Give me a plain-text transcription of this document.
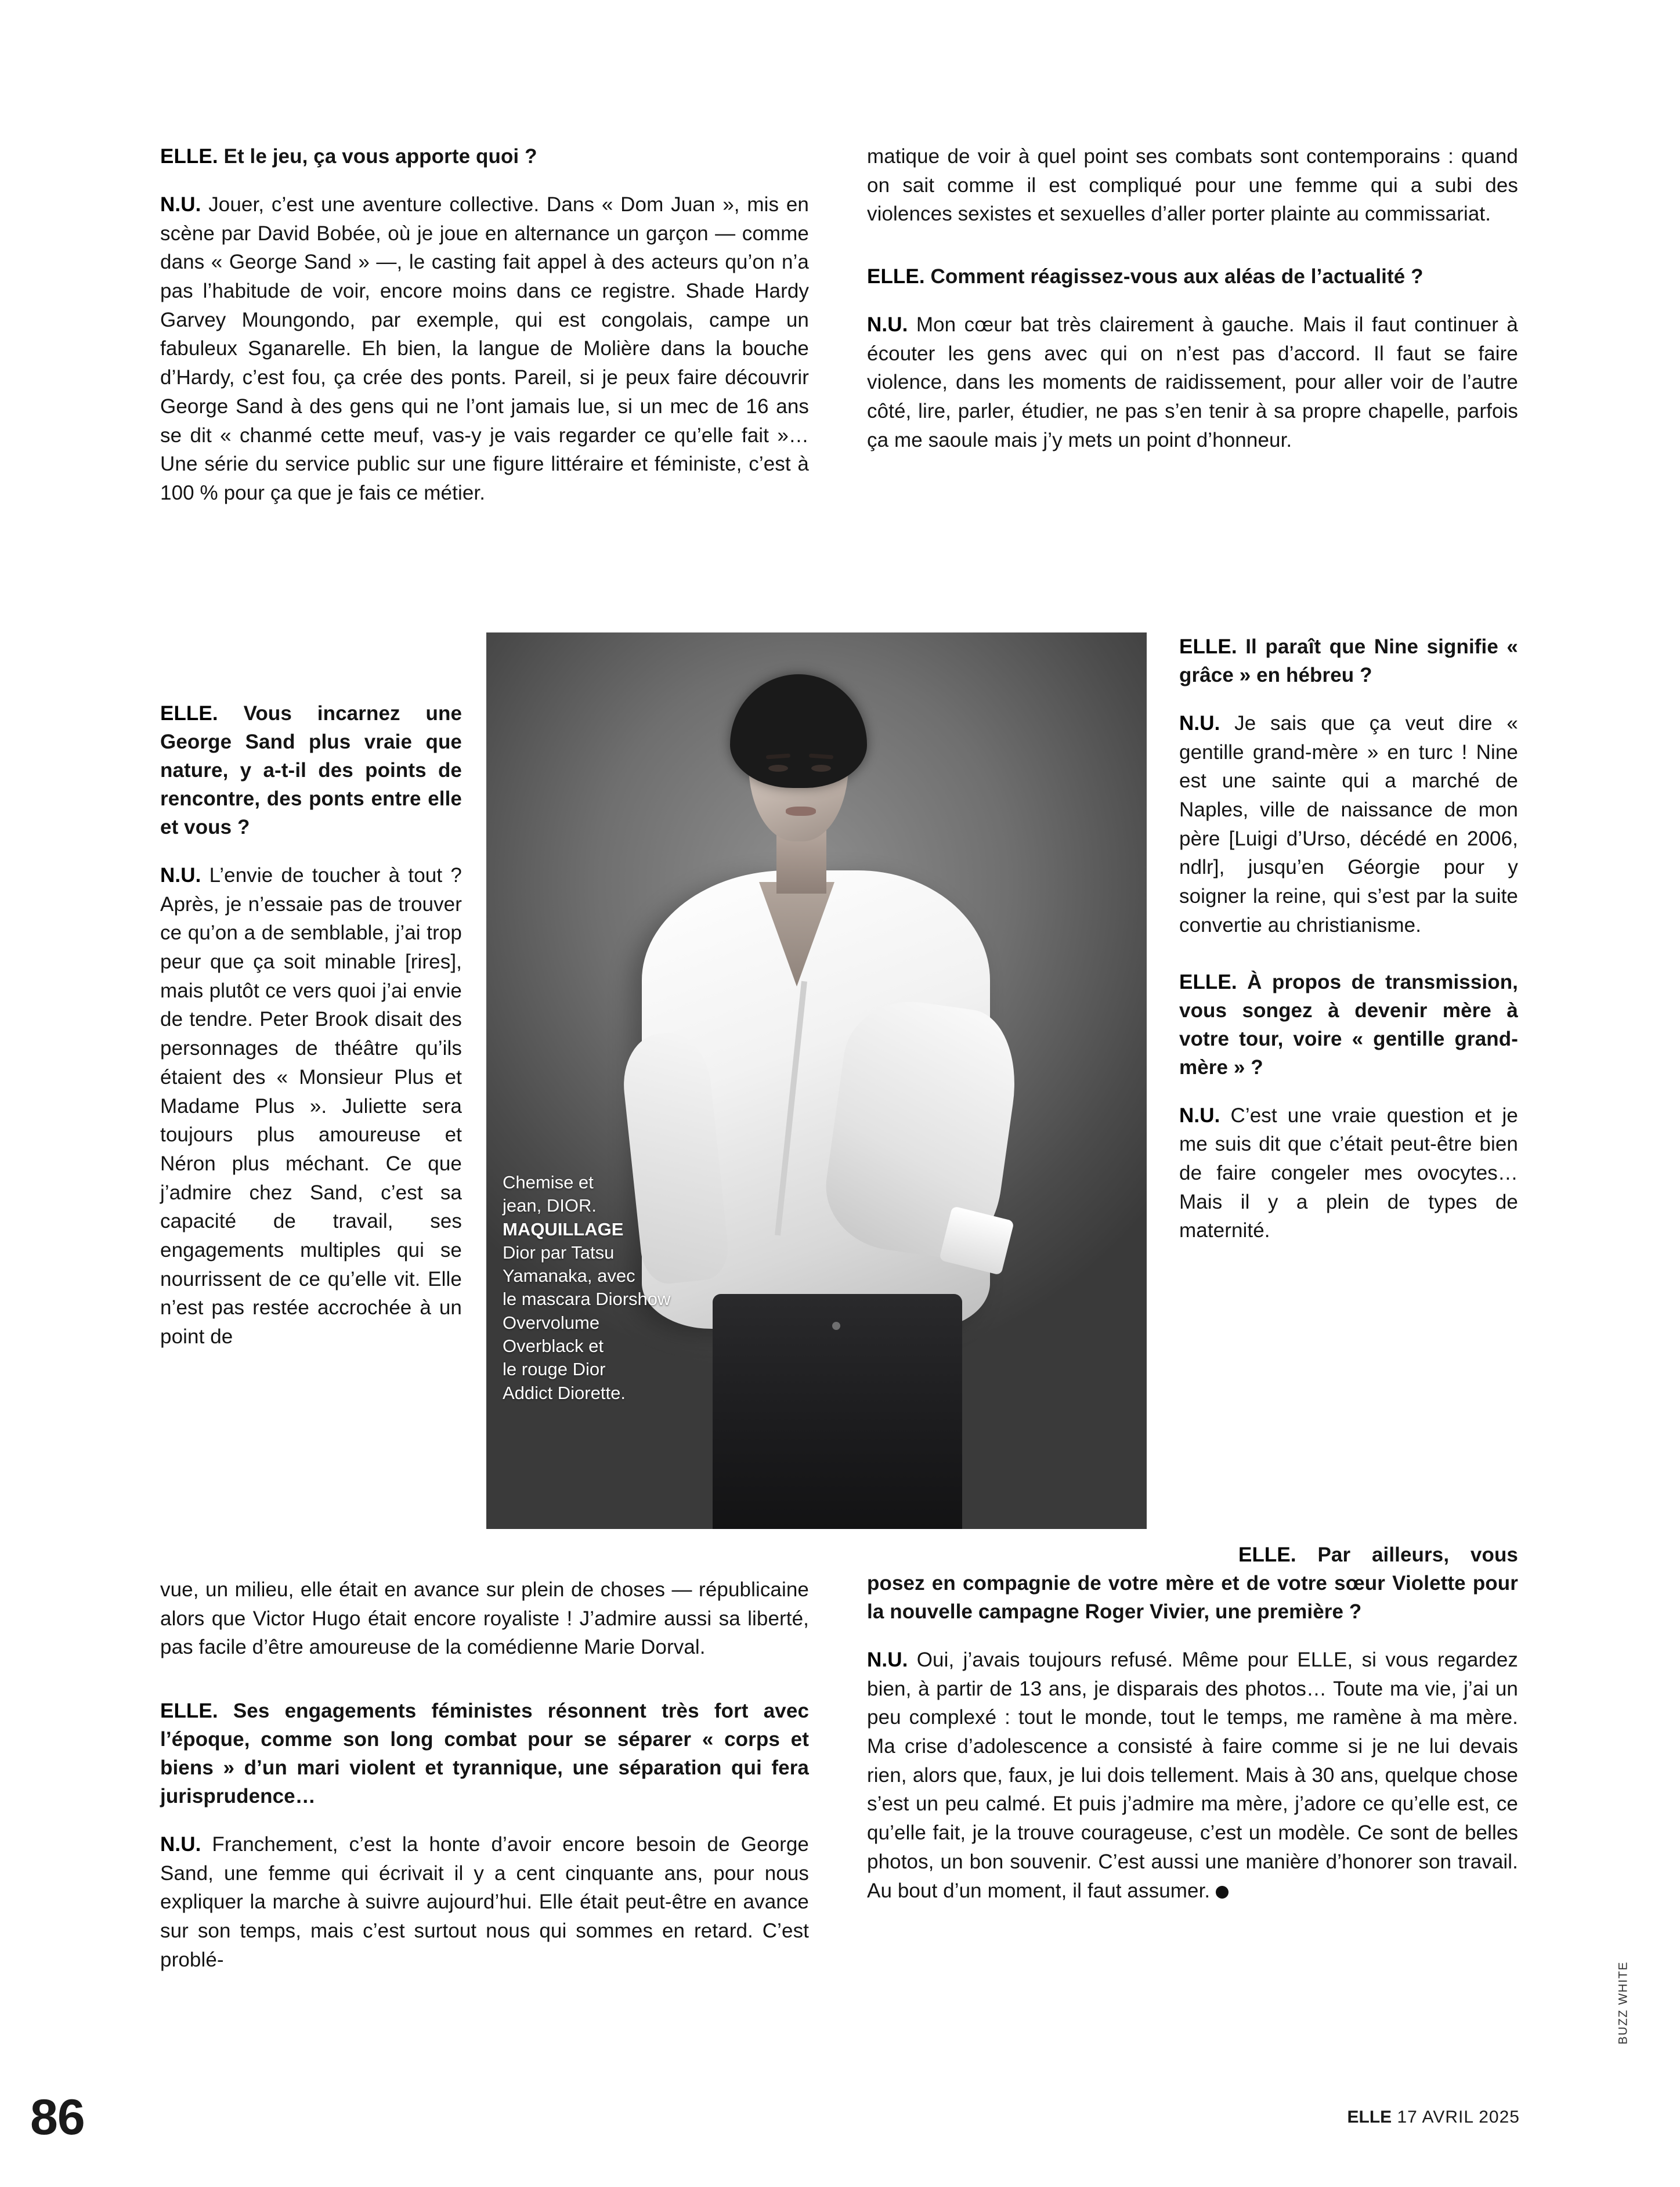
ELLE. Et le jeu, ça vous apporte quoi ?

N.U. Jouer, c’est une aventure collective. Dans « Dom Juan », mis en scène par David Bobée, où je joue en alternance un garçon — comme dans « George Sand » —, le casting fait appel à des acteurs qu’on n’a pas l’habitude de voir, encore moins dans ce registre. Shade Hardy Garvey Moungondo, par exemple, qui est congolais, campe un fabuleux Sganarelle. Eh bien, la langue de Molière dans la bouche d’Hardy, c’est fou, ça crée des ponts. Pareil, si je peux faire découvrir George Sand à des gens qui ne l’ont jamais lue, si un mec de 16 ans se dit « chanmé cette meuf, vas-y je vais regarder ce qu’elle fait »… Une série du service public sur une figure littéraire et féministe, c’est à 100 % pour ça que je fais ce métier.

ELLE. Vous incarnez une George Sand plus vraie que nature, y a-t-il des points de rencontre, des ponts entre elle et vous ?

N.U. L’envie de toucher à tout ? Après, je n’essaie pas de trouver ce qu’on a de semblable, j’ai trop peur que ça soit minable [rires], mais plutôt ce vers quoi j’ai envie de tendre. Peter Brook disait des personnages de théâtre qu’ils étaient des « Monsieur Plus et Madame Plus ». Juliette sera toujours plus amoureuse et Néron plus méchant. Ce que j’admire chez Sand, c’est sa capacité de travail, ses engagements multiples qui se nourrissent de ce qu’elle vit. Elle n’est pas restée accrochée à un point de

vue, un milieu, elle était en avance sur plein de choses — républicaine alors que Victor Hugo était encore royaliste ! J’admire aussi sa liberté, pas facile d’être amoureuse de la comédienne Marie Dorval.

ELLE. Ses engagements féministes résonnent très fort avec l’époque, comme son long combat pour se séparer « corps et biens » d’un mari violent et tyrannique, une séparation qui fera jurisprudence…

N.U. Franchement, c’est la honte d’avoir encore besoin de George Sand, une femme qui écrivait il y a cent cinquante ans, pour nous expliquer la marche à suivre aujourd’hui. Elle était peut-être en avance sur son temps, mais c’est surtout nous qui sommes en retard. C’est problé-

matique de voir à quel point ses combats sont contemporains : quand on sait comme il est compliqué pour une femme qui a subi des violences sexistes et sexuelles d’aller porter plainte au commissariat.

ELLE. Comment réagissez-vous aux aléas de l’actualité ?

N.U. Mon cœur bat très clairement à gauche. Mais il faut continuer à écouter les gens avec qui on n’est pas d’accord. Il faut se faire violence, dans les moments de raidissement, pour aller voir de l’autre côté, lire, parler, étudier, ne pas s’en tenir à sa propre chapelle, parfois ça me saoule mais j’y mets un point d’honneur.

ELLE. Il paraît que Nine signifie « grâce » en hébreu ?

N.U. Je sais que ça veut dire « gentille grand-mère » en turc ! Nine est une sainte qui a marché de Naples, ville de naissance de mon père [Luigi d’Urso, décédé en 2006, ndlr], jusqu’en Géorgie pour y soigner la reine, qui s’est par la suite convertie au christianisme.

ELLE. À propos de transmission, vous songez à devenir mère à votre tour, voire « gentille grand-mère » ?

N.U. C’est une vraie question et je me suis dit que c’était peut-être bien de faire congeler mes ovocytes… Mais il y a plein de types de maternité.

ELLE. Par ailleurs, vous posez en compagnie de votre mère et de votre sœur Violette pour la nouvelle campagne Roger Vivier, une première ?

N.U. Oui, j’avais toujours refusé. Même pour ELLE, si vous regardez bien, à partir de 13 ans, je disparais des photos… Toute ma vie, j’ai un peu complexé : tout le monde, tout le temps, me ramène à ma mère. Ma crise d’adolescence a consisté à faire comme si je ne lui devais rien, alors que, faux, je lui dois tellement. Mais à 30 ans, quelque chose s’est un peu calmé. Et puis j’admire ma mère, j’adore ce qu’elle est, ce qu’elle fait, je la trouve courageuse, c’est un modèle. Ce sont de belles photos, un bon souvenir. C’est aussi une manière d’honorer son travail. Au bout d’un moment, il faut assumer.

Chemise et
jean, DIOR.
MAQUILLAGE
Dior par Tatsu
Yamanaka, avec
le mascara Diorshow
Overvolume
Overblack et
le rouge Dior
Addict Diorette.
BUZZ WHITE
86	ELLE 17 AVRIL 2025
